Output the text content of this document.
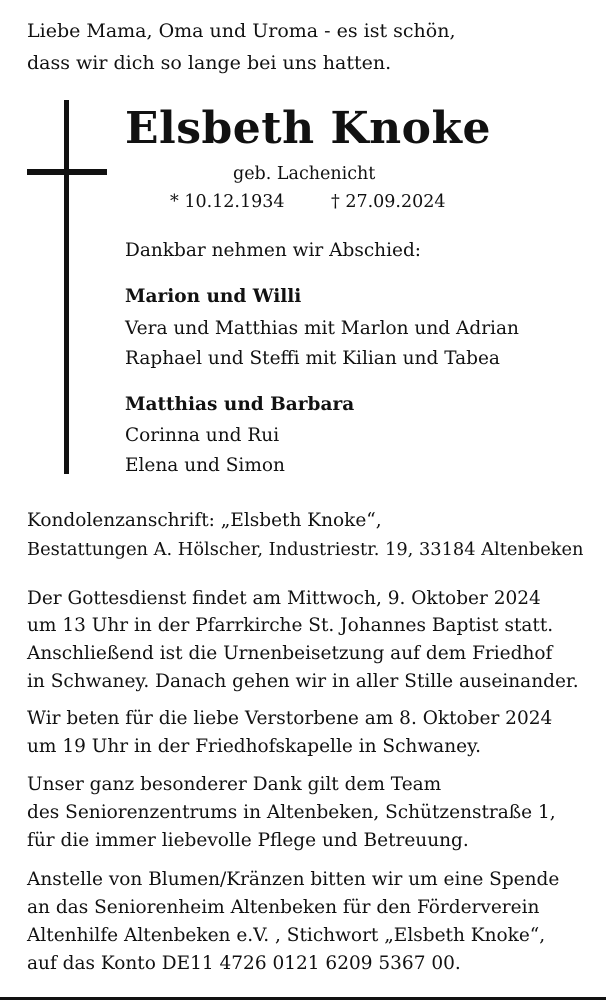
Liebe Mama, Oma und Uroma - es ist schön,
dass wir dich so lange bei uns hatten.
Elsbeth Knoke
geb. Lachenicht
* 10.12.1934	† 27.09.2024
Dankbar nehmen wir Abschied:
Marion und Willi
Vera und Matthias mit Marlon und Adrian
Raphael und Steffi mit Kilian und Tabea
Matthias und Barbara
Corinna und Rui
Elena und Simon
Kondolenzanschrift: „Elsbeth Knoke“,
Bestattungen A. Hölscher, Industriestr. 19, 33184 Altenbeken
Der Gottesdienst findet am Mittwoch, 9. Oktober 2024
um 13 Uhr in der Pfarrkirche St. Johannes Baptist statt.
Anschließend ist die Urnenbeisetzung auf dem Friedhof
in Schwaney. Danach gehen wir in aller Stille auseinander.
Wir beten für die liebe Verstorbene am 8. Oktober 2024
um 19 Uhr in der Friedhofskapelle in Schwaney.
Unser ganz besonderer Dank gilt dem Team
des Seniorenzentrums in Altenbeken, Schützenstraße 1,
für die immer liebevolle Pflege und Betreuung.
Anstelle von Blumen/Kränzen bitten wir um eine Spende
an das Seniorenheim Altenbeken für den Förderverein
Altenhilfe Altenbeken e.V. , Stichwort „Elsbeth Knoke“,
auf das Konto DE11 4726 0121 6209 5367 00.
